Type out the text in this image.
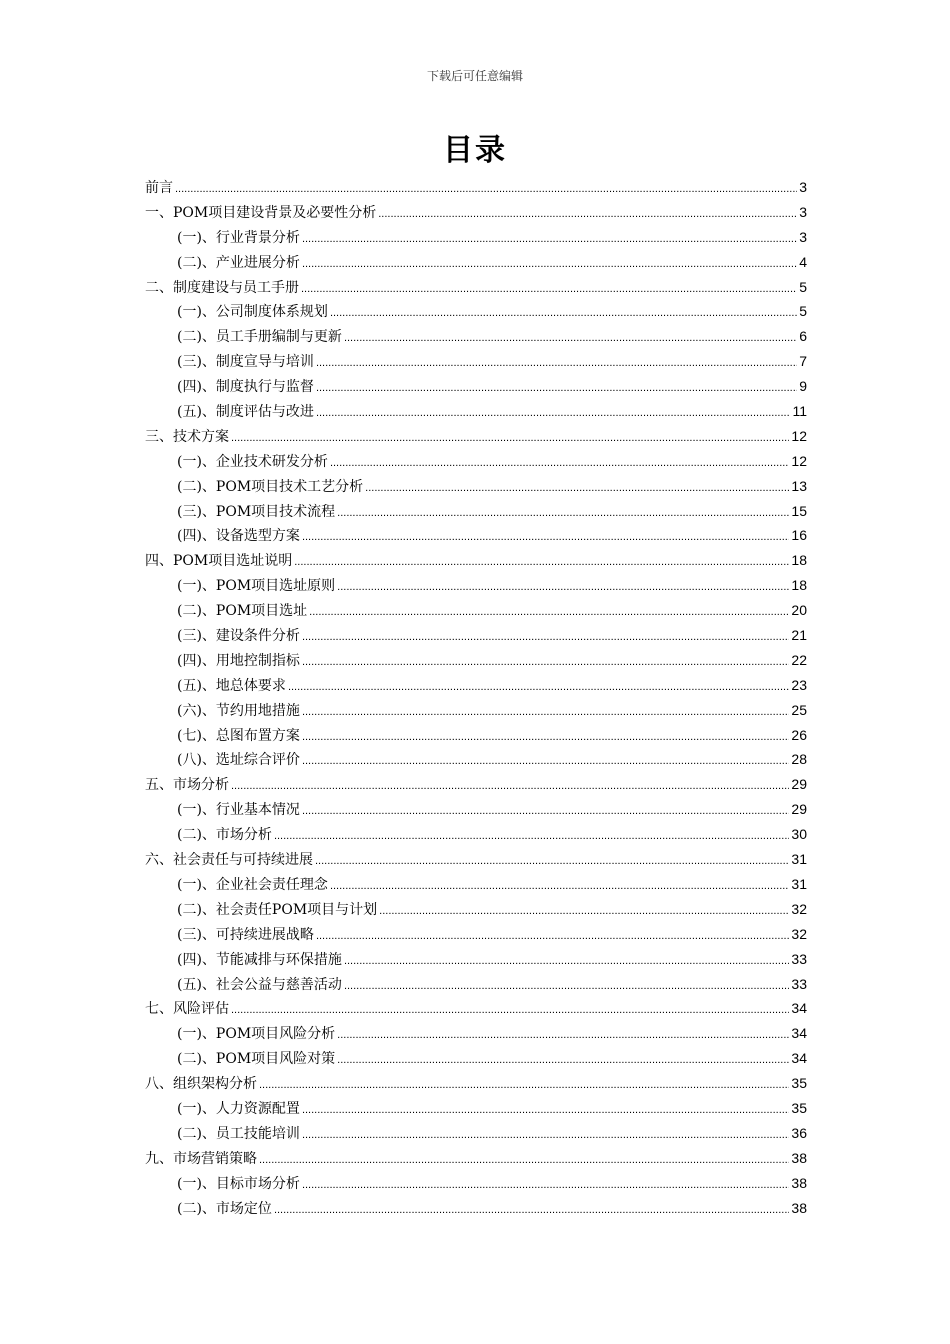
下载后可任意编辑
目录
前言 .....	3
一、POM项目建设背景及必要性分析 .....	3
(一)、行业背景分析 .....	3
(二)、产业进展分析 .....	4
二、制度建设与员工手册 .....	5
(一)、公司制度体系规划 .....	5
(二)、员工手册编制与更新 .....	6
(三)、制度宣导与培训 .....	7
(四)、制度执行与监督 .....	9
(五)、制度评估与改进 .....	11
三、技术方案 .....	12
(一)、企业技术研发分析 .....	12
(二)、POM项目技术工艺分析 .....	13
(三)、POM项目技术流程 .....	15
(四)、设备选型方案 .....	16
四、POM项目选址说明 .....	18
(一)、POM项目选址原则 .....	18
(二)、POM项目选址 .....	20
(三)、建设条件分析 .....	21
(四)、用地控制指标 .....	22
(五)、地总体要求 .....	23
(六)、节约用地措施 .....	25
(七)、总图布置方案 .....	26
(八)、选址综合评价 .....	28
五、市场分析 .....	29
(一)、行业基本情况 .....	29
(二)、市场分析 .....	30
六、社会责任与可持续进展 .....	31
(一)、企业社会责任理念 .....	31
(二)、社会责任POM项目与计划 .....	32
(三)、可持续进展战略 .....	32
(四)、节能减排与环保措施 .....	33
(五)、社会公益与慈善活动 .....	33
七、风险评估 .....	34
(一)、POM项目风险分析 .....	34
(二)、POM项目风险对策 .....	34
八、组织架构分析 .....	35
(一)、人力资源配置 .....	35
(二)、员工技能培训 .....	36
九、市场营销策略 .....	38
(一)、目标市场分析 .....	38
(二)、市场定位 .....	38
